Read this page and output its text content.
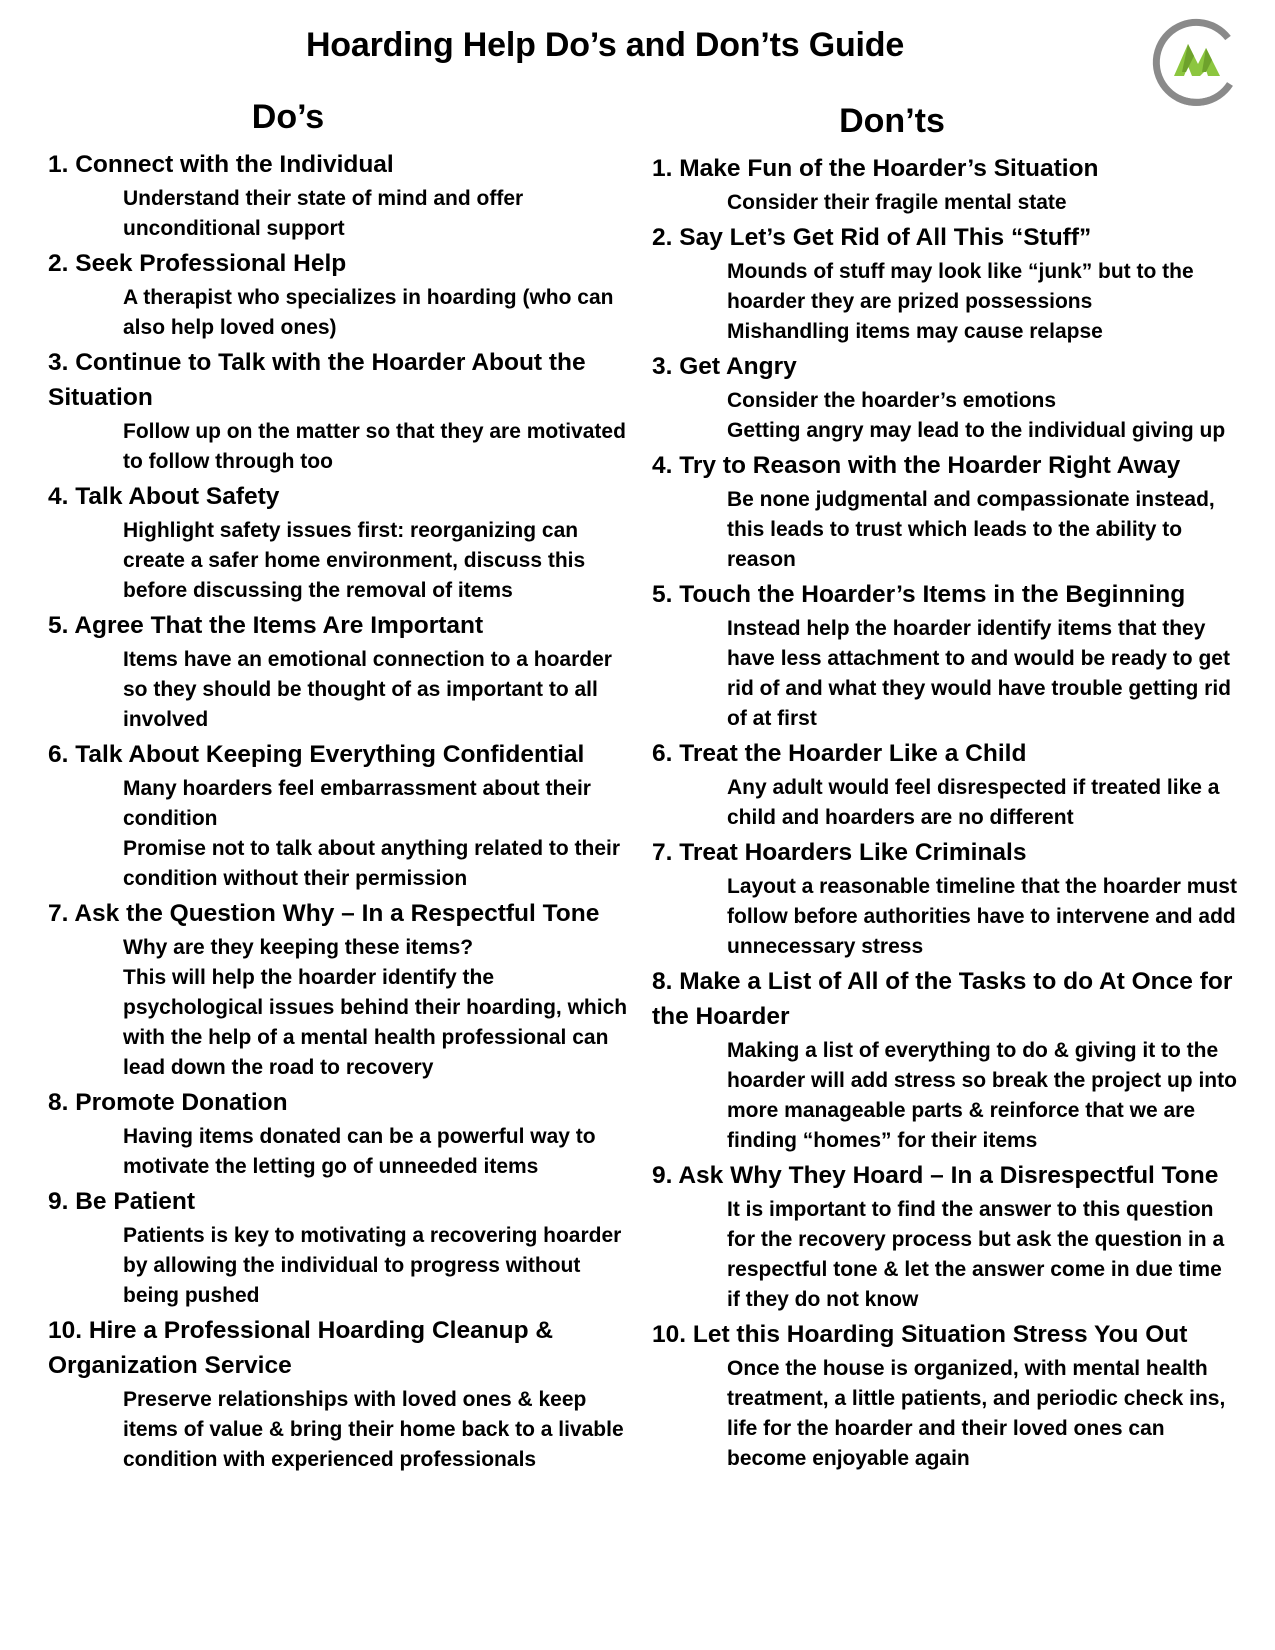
Hoarding Help Do’s and Don’ts Guide
Do’s
1. Connect with the Individual
Understand their state of mind and offer unconditional support
2. Seek Professional Help
A therapist who specializes in hoarding (who can also help loved ones)
3. Continue to Talk with the Hoarder About the Situation
Follow up on the matter so that they are motivated to follow through too
4. Talk About Safety
Highlight safety issues first: reorganizing can create a safer home environment, discuss this before discussing the removal of items
5. Agree That the Items Are Important
Items have an emotional connection to a hoarder so they should be thought of as important to all involved
6. Talk About Keeping Everything Confidential
Many hoarders feel embarrassment about their condition
Promise not to talk about anything related to their condition without their permission
7. Ask the Question Why – In a Respectful Tone
Why are they keeping these items?
This will help the hoarder identify the psychological issues behind their hoarding, which with the help of a mental health professional can lead down the road to recovery
8. Promote Donation
Having items donated can be a powerful way to motivate the letting go of unneeded items
9. Be Patient
Patients is key to motivating a recovering hoarder by allowing the individual to progress without being pushed
10. Hire a Professional Hoarding Cleanup & Organization Service
Preserve relationships with loved ones & keep items of value & bring their home back to a livable condition with experienced professionals
Don’ts
1. Make Fun of the Hoarder’s Situation
Consider their fragile mental state
2. Say Let’s Get Rid of All This “Stuff”
Mounds of stuff may look like “junk” but to the hoarder they are prized possessions
Mishandling items may cause relapse
3. Get Angry
Consider the hoarder’s emotions
Getting angry may lead to the individual giving up
4. Try to Reason with the Hoarder Right Away
Be none judgmental and compassionate instead, this leads to trust which leads to the ability to reason
5. Touch the Hoarder’s Items in the Beginning
Instead help the hoarder identify items that they have less attachment to and would be ready to get rid of and what they would have trouble getting rid of at first
6. Treat the Hoarder Like a Child
Any adult would feel disrespected if treated like a child and hoarders are no different
7. Treat Hoarders Like Criminals
Layout a reasonable timeline that the hoarder must follow before authorities have to intervene and add unnecessary stress
8. Make a List of All of the Tasks to do At Once for the Hoarder
Making a list of everything to do & giving it to the hoarder will add stress so break the project up into more manageable parts & reinforce that we are finding “homes” for their items
9. Ask Why They Hoard – In a Disrespectful Tone
It is important to find the answer to this question for the recovery process but ask the question in a respectful tone & let the answer come in due time if they do not know
10. Let this Hoarding Situation Stress You Out
Once the house is organized, with mental health treatment, a little patients, and periodic check ins, life for the hoarder and their loved ones can become enjoyable again
